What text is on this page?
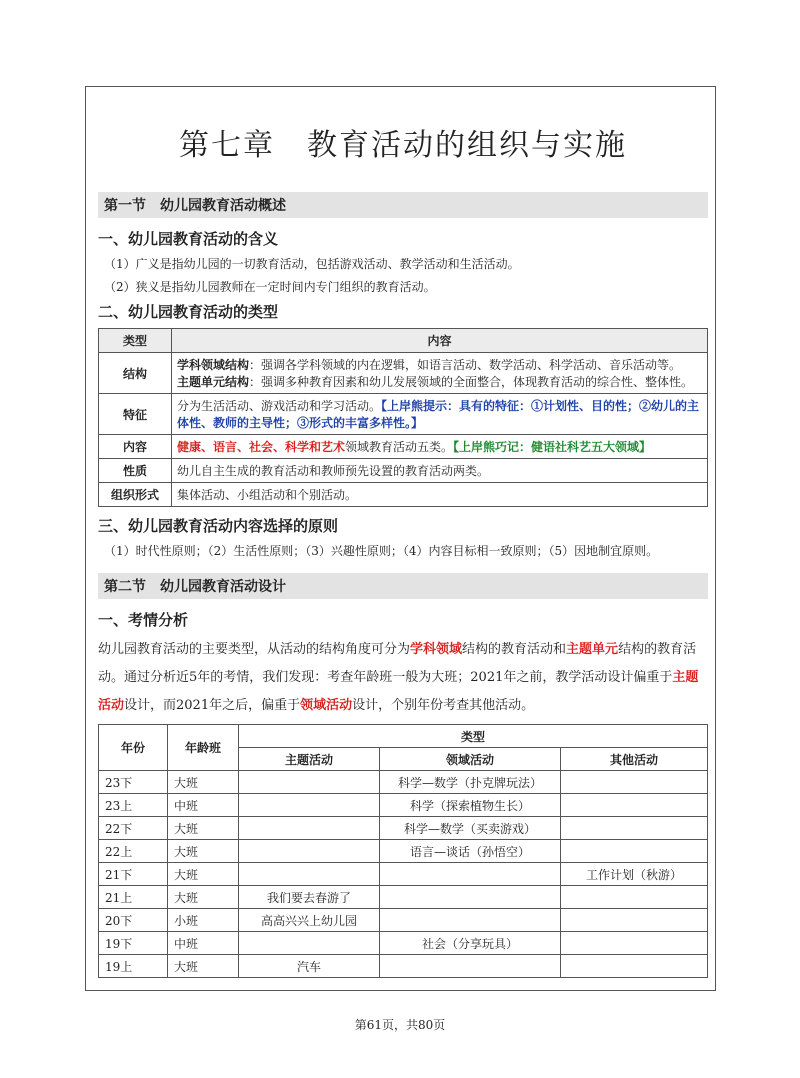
第七章　教育活动的组织与实施
第一节　幼儿园教育活动概述
一、幼儿园教育活动的含义

（1）广义是指幼儿园的一切教育活动，包括游戏活动、教学活动和生活活动。

（2）狭义是指幼儿园教师在一定时间内专门组织的教育活动。

二、幼儿园教育活动的类型
类型	内容
结构	学科领域结构：强调各学科领域的内在逻辑，如语言活动、数学活动、科学活动、音乐活动等。
主题单元结构：强调多种教育因素和幼儿发展领域的全面整合，体现教育活动的综合性、整体性。

特征	分为生活活动、游戏活动和学习活动。【上岸熊提示：具有的特征：①计划性、目的性；②幼儿的主体性、教师的主导性；③形式的丰富多样性。】
内容	健康、语言、社会、科学和艺术领域教育活动五类。【上岸熊巧记：健语社科艺五大领域】
性质	幼儿自主生成的教育活动和教师预先设置的教育活动两类。
组织形式	集体活动、小组活动和个别活动。
三、幼儿园教育活动内容选择的原则

（1）时代性原则；（2）生活性原则；（3）兴趣性原则；（4）内容目标相一致原则；（5）因地制宜原则。

第二节　幼儿园教育活动设计
一、考情分析

幼儿园教育活动的主要类型，从活动的结构角度可分为学科领域结构的教育活动和主题单元结构的教育活动。通过分析近5年的考情，我们发现：考查年龄班一般为大班；2021年之前，教学活动设计偏重于主题活动设计，而2021年之后，偏重于领域活动设计，个别年份考查其他活动。

年份	年龄班	类型		
		主题活动	领域活动	其他活动
23下	大班		科学—数学（扑克牌玩法）	
23上	中班		科学（探索植物生长）	
22下	大班		科学—数学（买卖游戏）	
22上	大班		语言—谈话（孙悟空）	
21下	大班			工作计划（秋游）
21上	大班	我们要去春游了		
20下	小班	高高兴兴上幼儿园		
19下	中班		社会（分享玩具）	
19上	大班	汽车		
第61页，共80页
